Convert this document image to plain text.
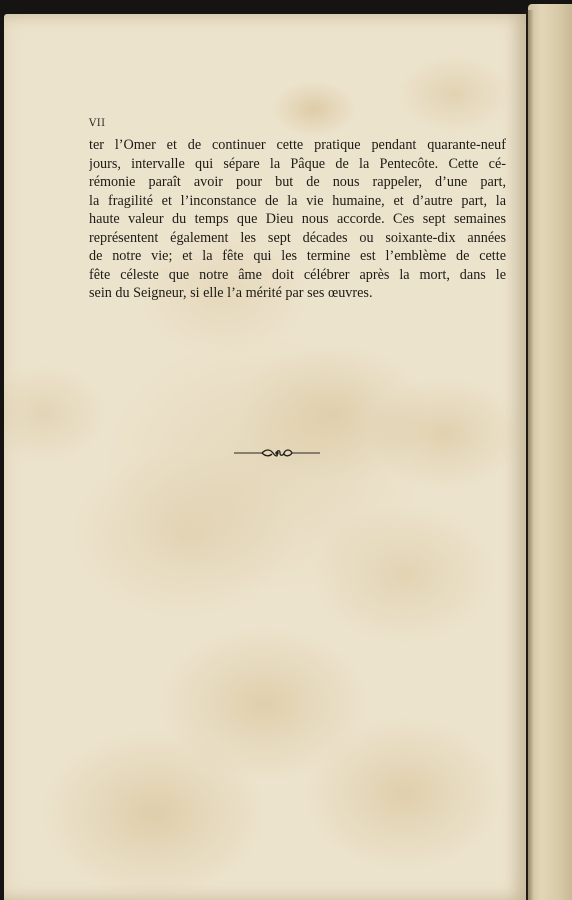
VII
ter l’Omer et de continuer cette pratique pendant quarante-neuf
jours, intervalle qui sépare la Pâque de la Pentecôte. Cette cé-
rémonie paraît avoir pour but de nous rappeler, d’une part,
la fragilité et l’inconstance de la vie humaine, et d’autre part, la
haute valeur du temps que Dieu nous accorde. Ces sept semaines
représentent également les sept décades ou soixante-dix années
de notre vie; et la fête qui les termine est l’emblème de cette
fête céleste que notre âme doit célébrer après la mort, dans le
sein du Seigneur, si elle l’a mérité par ses œuvres.
